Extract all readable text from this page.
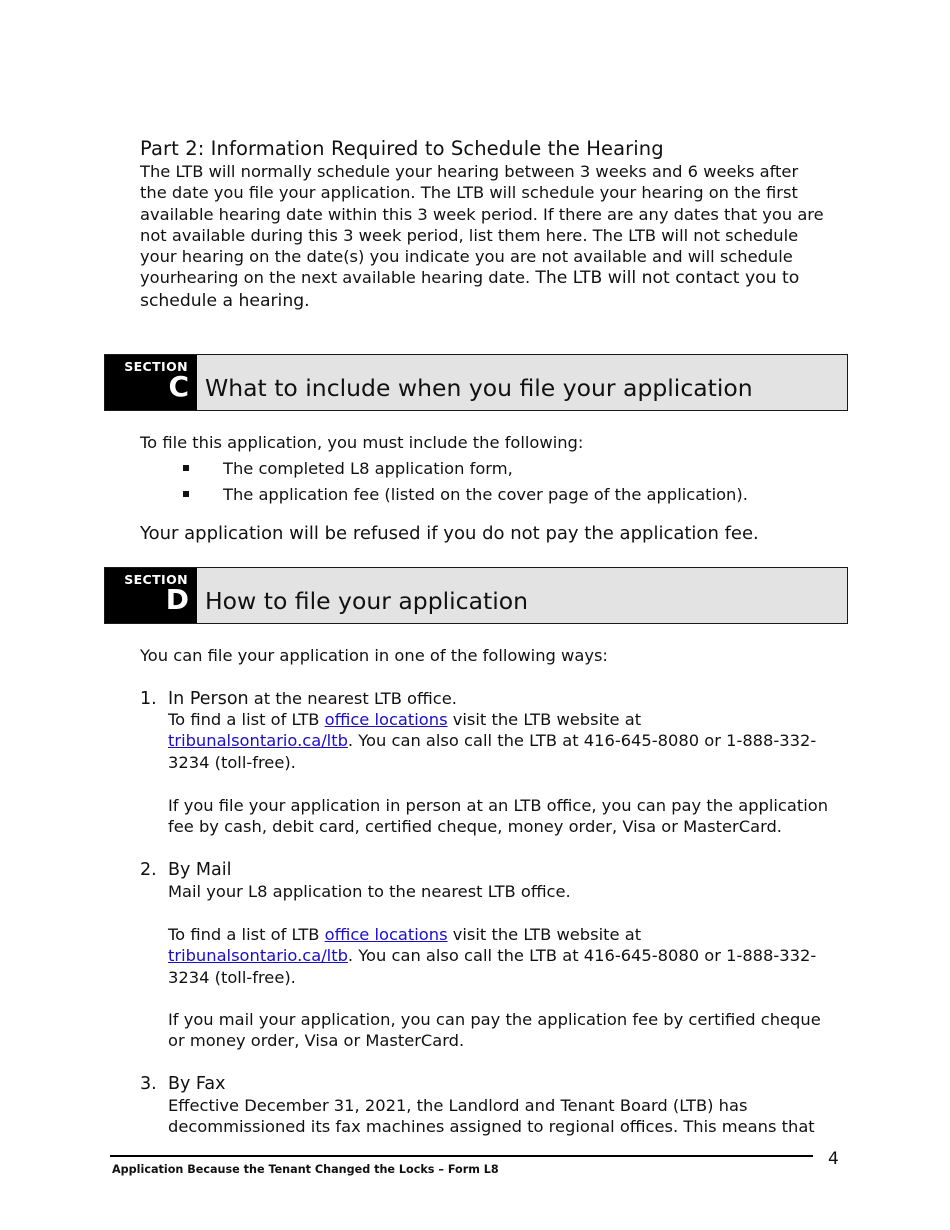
Part 2: Information Required to Schedule the Hearing
The LTB will normally schedule your hearing between 3 weeks and 6 weeks after the date you file your application. The LTB will schedule your hearing on the first available hearing date within this 3 week period. If there are any dates that you are not available during this 3 week period, list them here. The LTB will not schedule your hearing on the date(s) you indicate you are not available and will schedule yourhearing on the next available hearing date. The LTB will not contact you to schedule a hearing.
SECTION
C What to include when you file your application
To file this application, you must include the following:
The completed L8 application form,
The application fee (listed on the cover page of the application).
Your application will be refused if you do not pay the application fee.
SECTION
D How to file your application
You can file your application in one of the following ways:
1. In Person at the nearest LTB office.
To find a list of LTB office locations visit the LTB website at
tribunalsontario.ca/ltb. You can also call the LTB at 416-645-8080 or 1-888-332-3234 (toll-free).
If you file your application in person at an LTB office, you can pay the application fee by cash, debit card, certified cheque, money order, Visa or MasterCard.
2. By Mail
Mail your L8 application to the nearest LTB office.
To find a list of LTB office locations visit the LTB website at
tribunalsontario.ca/ltb. You can also call the LTB at 416-645-8080 or 1-888-332-3234 (toll-free).
If you mail your application, you can pay the application fee by certified cheque or money order, Visa or MasterCard.
3. By Fax
Effective December 31, 2021, the Landlord and Tenant Board (LTB) has decommissioned its fax machines assigned to regional offices. This means that
Application Because the Tenant Changed the Locks – Form L8
4
